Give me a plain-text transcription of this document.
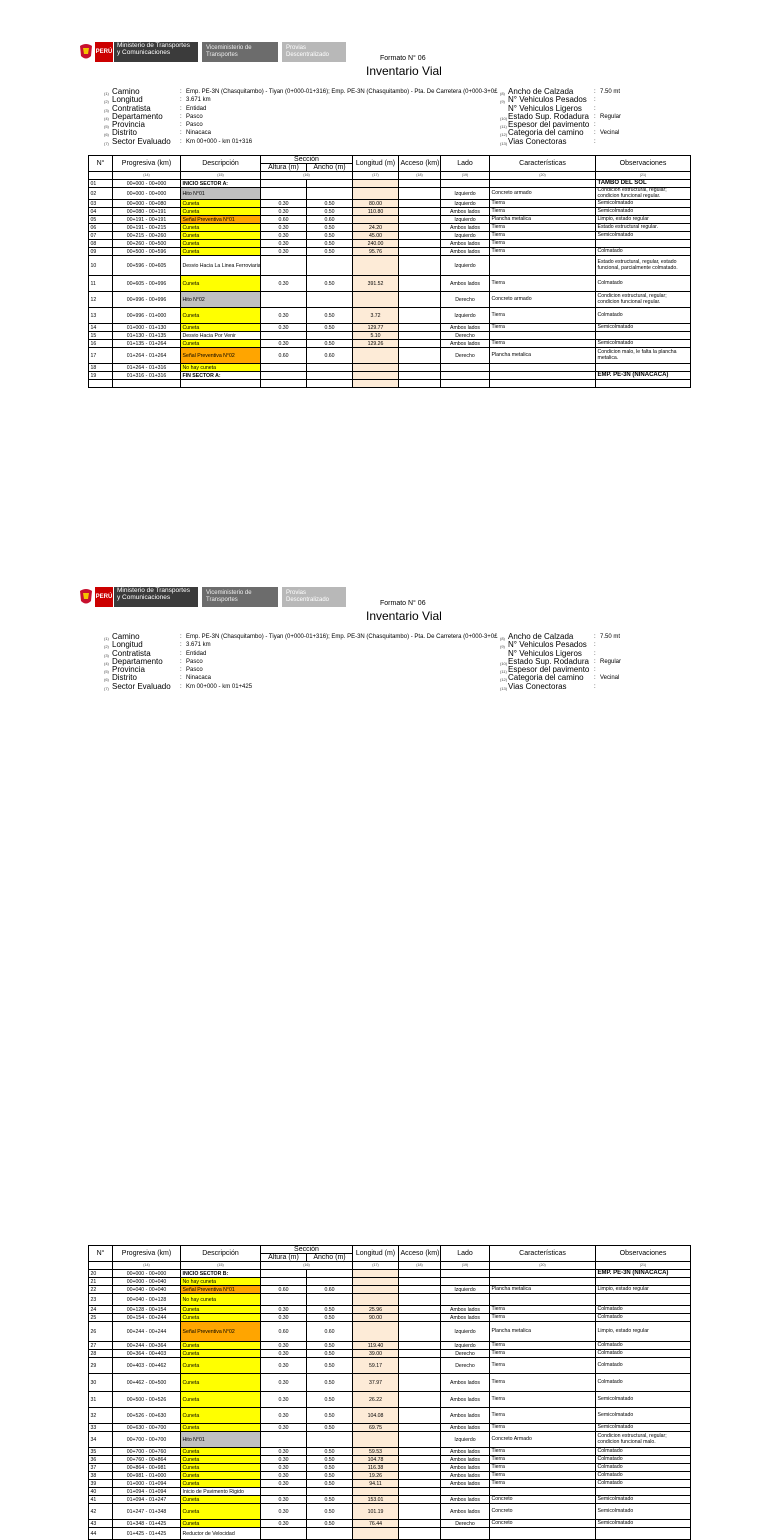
PERÚ
Ministerio de Transportes y Comunicaciones
Viceministerio de Transportes
Provias Descentralizado	Formato N° 06
Inventario Vial
(1) Camino	: Emp. PE-3N (Chasquitambo) - Tiyan (0+000-01+316); Emp. PE-3N (Chasquitambo) - Pta. De Carretera (0+000-3+0£
(2) Longitud	: 3.671 km
(3) Contratista	: Entidad
(4) Departamento	: Pasco
(5) Provincia	: Pasco
(6) Distrito	: Ninacaca
(7) Sector Evaluado	: Km 00+000 - km 01+316
(8) Ancho de Calzada	: 7.50 mt
(9) N° Vehiculos Pesados	:
N° Vehiculos Ligeros	:
(10) Estado Sup. Rodadura : Regular
(11) Espesor del pavimento :
(12) Categoria del camino	: Vecinal
(13) Vias Conectoras	:
N°	Progresiva (km)	Descripción	Sección		Longitud (m)	Acceso (km)	Lado	Características	Observaciones
			Altura (m)	Ancho (m)					
	(14)	(15)	(16)		(17)	(18)	(19)	(20)	(21)
01	00+000 - 00+000	INICIO SECTOR A:							TAMBO DEL SOL
02	00+000 - 00+000	Hito N°01					Izquierdo	Concreto armado	Condicion estructural, regular; condicion funcional regular.
03	00+000 - 00+080	Cuneta	0.30	0.50	80.00		Izquierdo	Tierra	Semicolmatado
04	00+080 - 00+191	Cuneta	0.30	0.50	110.80		Ambos lados	Tierra	Semicolmatado
05	00+191 - 00+191	Señal Preventiva N°01	0.60	0.60			Izquierdo	Plancha metalica	Limpio, estado regular
06	00+191 - 00+215	Cuneta	0.30	0.50	24.20		Ambos lados	Tierra	Estado estructural regular.
07	00+215 - 00+260	Cuneta	0.30	0.50	45.00		Izquierdo	Tierra	Semicolmatado
08	00+260 - 00+500	Cuneta	0.30	0.50	240.00		Ambos lados	Tierra	
09	00+500 - 00+596	Cuneta	0.30	0.50	95.76		Ambos lados	Tierra	Colmatado
10	00+596 - 00+605	Desvio Hacia La Linea Ferroviaria					Izquierdo		Estado estructural, regular, estado funcional, parcialmente colmatado.
11	00+605 - 00+996	Cuneta	0.30	0.50	391.52		Ambos lados	Tierra	Colmatado
12	00+996 - 00+996	Hito N°02					Derecho	Concreto armado	Condicion estructural, regular; condicion funcional regular.
13	00+996 - 01+000	Cuneta	0.30	0.50	3.72		Izquierdo	Tierra	Colmatado
14	01+000 - 01+130	Cuneta	0.30	0.50	129.77		Ambos lados	Tierra	Semicolmatado
15	01+130 - 01+135	Desvio Hacia Por Venir			5.10		Derecho		
16	01+135 - 01+264	Cuneta	0.30	0.50	129.26		Ambos lados	Tierra	Semicolmatado
17	01+264 - 01+264	Señal Preventiva N°02	0.60	0.60			Derecho	Plancha metalica	Condicion malo, le falta la plancha metalica.
18	01+264 - 01+316	No hay cuneta							
19	01+316 - 01+316	FIN SECTOR A:							EMP. PE-3N (NINACACA)

PERÚ
Ministerio de Transportes y Comunicaciones
Viceministerio de Transportes
Provias Descentralizado	Formato N° 06
Inventario Vial
(1) Camino	: Emp. PE-3N (Chasquitambo) - Tiyan (0+000-01+316); Emp. PE-3N (Chasquitambo) - Pta. De Carretera (0+000-3+0£
(2) Longitud	: 3.671 km
(3) Contratista	: Entidad
(4) Departamento	: Pasco
(5) Provincia	: Pasco
(6) Distrito	: Ninacaca
(7) Sector Evaluado	: Km 00+000 - km 01+425
(8) Ancho de Calzada	: 7.50 mt
(9) N° Vehiculos Pesados	:
N° Vehiculos Ligeros	:
(10) Estado Sup. Rodadura : Regular
(11) Espesor del pavimento :
(12) Categoria del camino	: Vecinal
(13) Vias Conectoras	:
N°	Progresiva (km)	Descripción	Sección		Longitud (m)	Acceso (km)	Lado	Características	Observaciones
			Altura (m)	Ancho (m)					
	(14)	(15)	(16)		(17)	(18)	(19)	(20)	(21)
20	00+000 - 00+000	INICIO SECTOR B:							EMP. PE-3N (NINACACA)
21	00+000 - 00+040	No hay cuneta							
22	00+040 - 00+040	Señal Preventiva N°01	0.60	0.60			Izquierdo	Plancha metalica	Limpio, estado regular
23	00+040 - 00+128	No hay cuneta							
24	00+128 - 00+154	Cuneta	0.30	0.50	25.96		Ambos lados	Tierra	Colmatado
25	00+154 - 00+244	Cuneta	0.30	0.50	90.00		Ambos lados	Tierra	Colmatado
26	00+244 - 00+244	Señal Preventiva N°02	0.60	0.60			Izquierdo	Plancha metalica	Limpio, estado regular
27	00+244 - 00+364	Cuneta	0.30	0.50	119.40		Izquierdo	Tierra	Colmatado
28	00+364 - 00+403	Cuneta	0.30	0.50	39.00		Derecho	Tierra	Colmatado
29	00+403 - 00+462	Cuneta	0.30	0.50	59.17		Derecho	Tierra	Colmatado
30	00+462 - 00+500	Cuneta	0.30	0.50	37.97		Ambos lados	Tierra	Colmatado
31	00+500 - 00+526	Cuneta	0.30	0.50	26.22		Ambos lados	Tierra	Semicolmatado
32	00+526 - 00+630	Cuneta	0.30	0.50	104.08		Ambos lados	Tierra	Semicolmatado
33	00+630 - 00+700	Cuneta	0.30	0.50	69.75		Ambos lados	Tierra	Semicolmatado
34	00+700 - 00+700	Hito N°01					Izquierdo	Concreto Armado	Condicion estructural, regular; condicion funcional malo.
35	00+700 - 00+760	Cuneta	0.30	0.50	59.53		Ambos lados	Tierra	Colmatado
36	00+760 - 00+864	Cuneta	0.30	0.50	104.78		Ambos lados	Tierra	Colmatado
37	00+864 - 00+981	Cuneta	0.30	0.50	116.38		Ambos lados	Tierra	Colmatado
38	00+981 - 01+000	Cuneta	0.30	0.50	19.26		Ambos lados	Tierra	Colmatado
39	01+000 - 01+094	Cuneta	0.30	0.50	94.11		Ambos lados	Tierra	Colmatado
40	01+094 - 01+094	Inicio de Pavimento Rigido							
41	01+094 - 01+247	Cuneta	0.30	0.50	153.01		Ambos lados	Concreto	Semicolmatado
42	01+247 - 01+348	Cuneta	0.30	0.50	101.19		Ambos lados	Concreto	Semicolmatado
43	01+348 - 01+425	Cuneta	0.30	0.50	76.44		Derecho	Concreto	Semicolmatado
44	01+425 - 01+425	Reductor de Velocidad							
